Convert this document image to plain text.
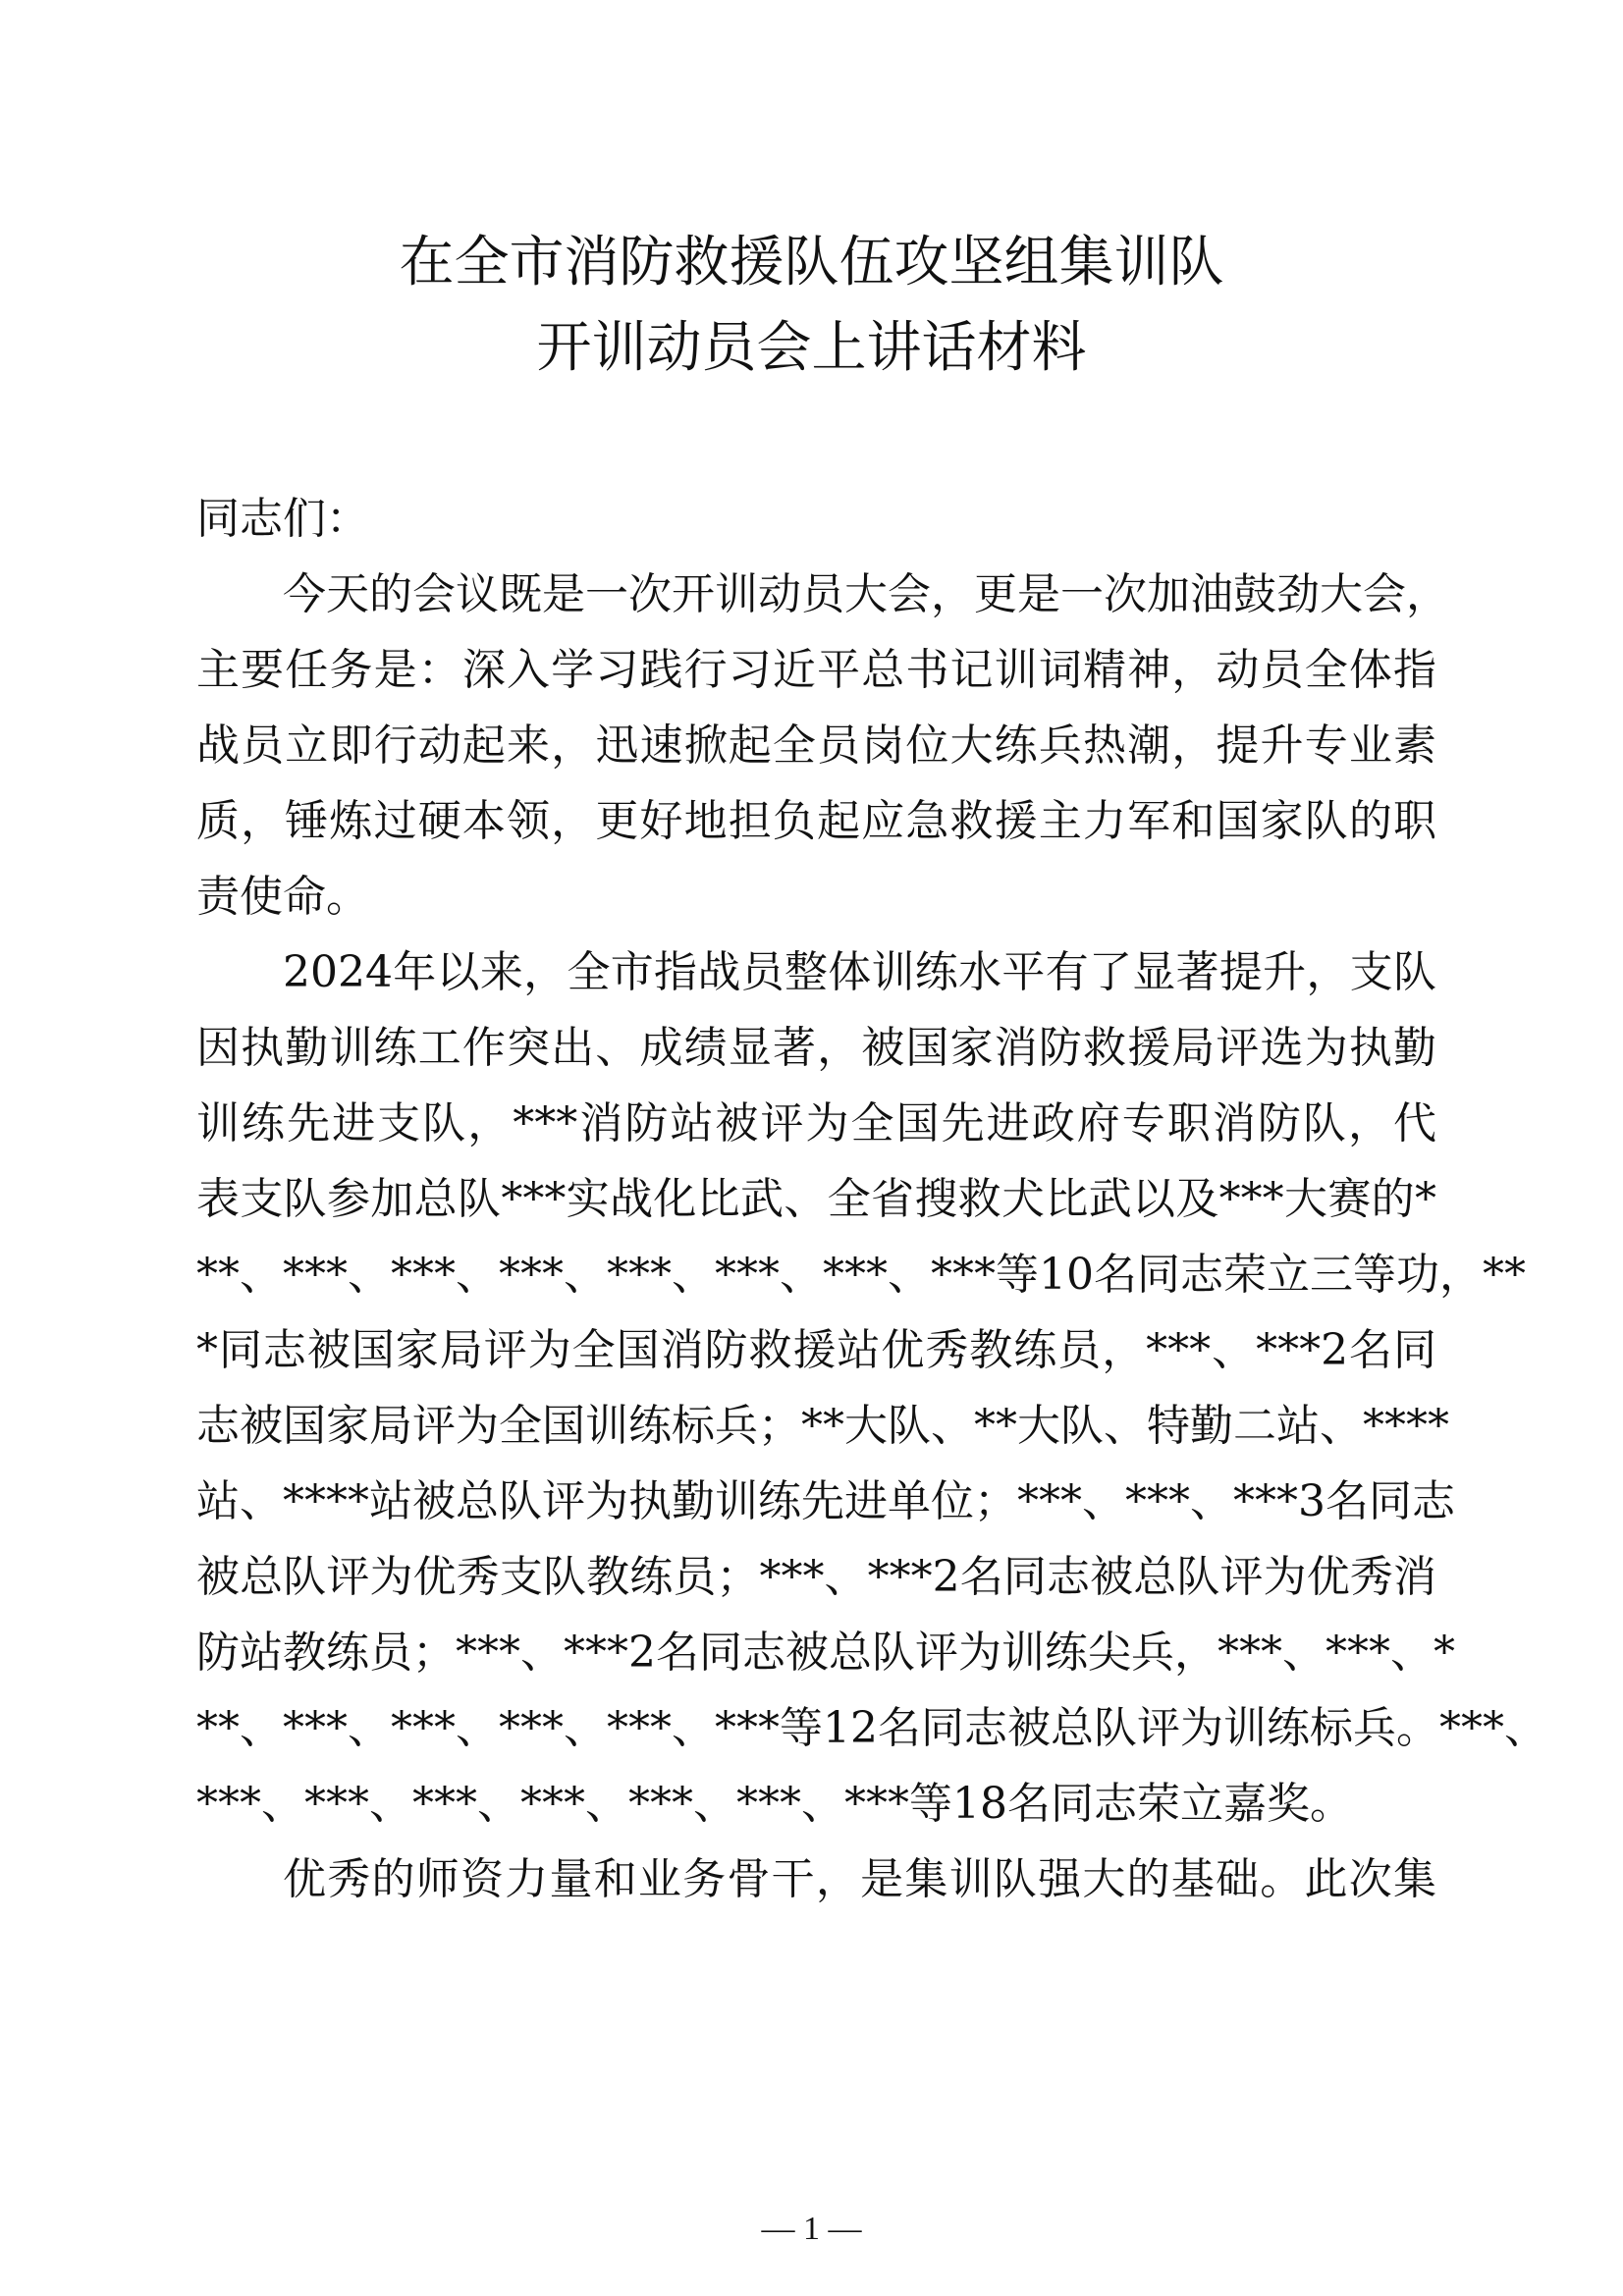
在全市消防救援队伍攻坚组集训队
开训动员会上讲话材料
同志们：
今天的会议既是一次开训动员大会，更是一次加油鼓劲大会，
主要任务是：深入学习践行习近平总书记训词精神，动员全体指
战员立即行动起来，迅速掀起全员岗位大练兵热潮，提升专业素
质，锤炼过硬本领，更好地担负起应急救援主力军和国家队的职
责使命。
2024年以来，全市指战员整体训练水平有了显著提升，支队
因执勤训练工作突出、成绩显著，被国家消防救援局评选为执勤
训练先进支队，***消防站被评为全国先进政府专职消防队，代
表支队参加总队***实战化比武、全省搜救犬比武以及***大赛的*
**、***、***、***、***、***、***、***等10名同志荣立三等功，**
*同志被国家局评为全国消防救援站优秀教练员，***、***2名同
志被国家局评为全国训练标兵；**大队、**大队、特勤二站、****
站、****站被总队评为执勤训练先进单位；***、***、***3名同志
被总队评为优秀支队教练员；***、***2名同志被总队评为优秀消
防站教练员；***、***2名同志被总队评为训练尖兵，***、***、*
**、***、***、***、***、***等12名同志被总队评为训练标兵。***、
***、***、***、***、***、***、***等18名同志荣立嘉奖。
优秀的师资力量和业务骨干，是集训队强大的基础。此次集
— 1 —
